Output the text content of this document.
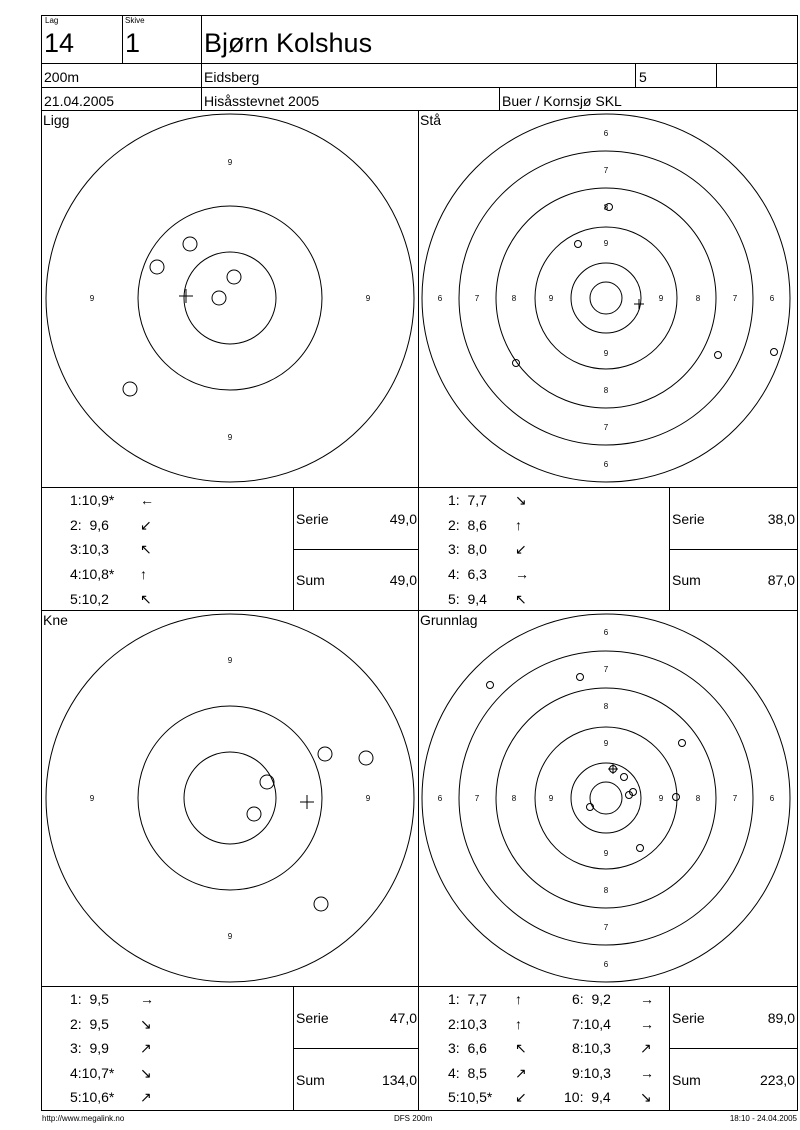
Lag
14
Skive
1 Bjørn Kolshus
200m	Eidsberg	5
21.04.2005	Hisåsstevnet 2005	Buer / Kornsjø SKL
Ligg	Stå
Kne	Grunnlag
9
9
9	9
9
9
9	9
6
7
8
9
9
8
7
6
6	7	8	9	9	8	7	6
6
7
8
9
9
8
7
6
6	7	8	9	9	8	7	6
1:10,9*	←
2:  9,6 ↙
3:10,3 ↖
4:10,8* ↑
5:10,2 ↖
Serie	49,0
Sum	49,0
1:  7,7 ↘
2:  8,6 ↑
3:  8,0 ↙
4:  6,3 →
5:  9,4 ↖
Serie	38,0
Sum	87,0
1:  9,5 →
2:  9,5 ↘
3:  9,9 ↗
4:10,7* ↘
5:10,6* ↗
Serie	47,0
Sum	134,0
1:  7,7 ↑
2:10,3 ↑
3:  6,6 ↖
4:  8,5 ↗
5:10,5* ↙
6:  9,2 →
7:10,4 →
8:10,3 ↗
9:10,3 →
10:  9,4 ↘
Serie	89,0
Sum	223,0
http://www.megalink.no	DFS 200m	18:10 - 24.04.2005
